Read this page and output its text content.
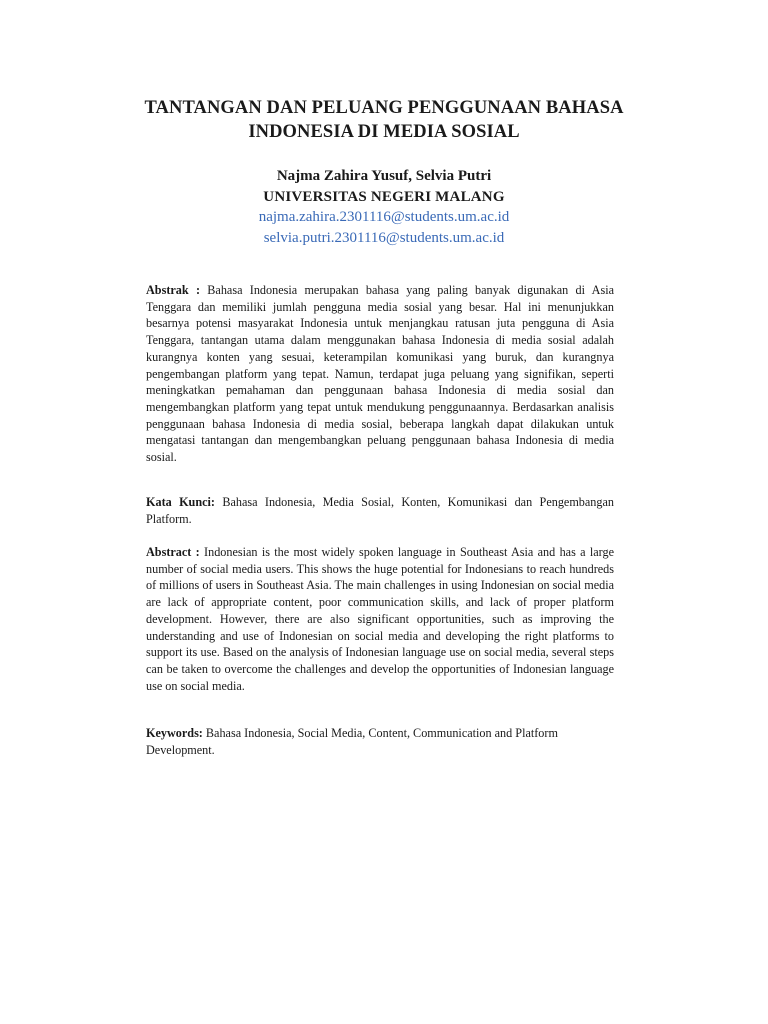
TANTANGAN DAN PELUANG PENGGUNAAN BAHASA
INDONESIA DI MEDIA SOSIAL
Najma Zahira Yusuf, Selvia Putri
UNIVERSITAS NEGERI MALANG
najma.zahira.2301116@students.um.ac.id
selvia.putri.2301116@students.um.ac.id
Abstrak : Bahasa Indonesia merupakan bahasa yang paling banyak digunakan di Asia Tenggara dan memiliki jumlah pengguna media sosial yang besar. Hal ini menunjukkan besarnya potensi masyarakat Indonesia untuk menjangkau ratusan juta pengguna di Asia Tenggara, tantangan utama dalam menggunakan bahasa Indonesia di media sosial adalah kurangnya konten yang sesuai, keterampilan komunikasi yang buruk, dan kurangnya pengembangan platform yang tepat. Namun, terdapat juga peluang yang signifikan, seperti meningkatkan pemahaman dan penggunaan bahasa Indonesia di media sosial dan mengembangkan platform yang tepat untuk mendukung penggunaannya. Berdasarkan analisis penggunaan bahasa Indonesia di media sosial, beberapa langkah dapat dilakukan untuk mengatasi tantangan dan mengembangkan peluang penggunaan bahasa Indonesia di media sosial.
Kata Kunci: Bahasa Indonesia, Media Sosial, Konten, Komunikasi dan Pengembangan Platform.
Abstract : Indonesian is the most widely spoken language in Southeast Asia and has a large number of social media users. This shows the huge potential for Indonesians to reach hundreds of millions of users in Southeast Asia. The main challenges in using Indonesian on social media are lack of appropriate content, poor communication skills, and lack of proper platform development. However, there are also significant opportunities, such as improving the understanding and use of Indonesian on social media and developing the right platforms to support its use. Based on the analysis of Indonesian language use on social media, several steps can be taken to overcome the challenges and develop the opportunities of Indonesian language use on social media.
Keywords: Bahasa Indonesia, Social Media, Content, Communication and Platform Development.
